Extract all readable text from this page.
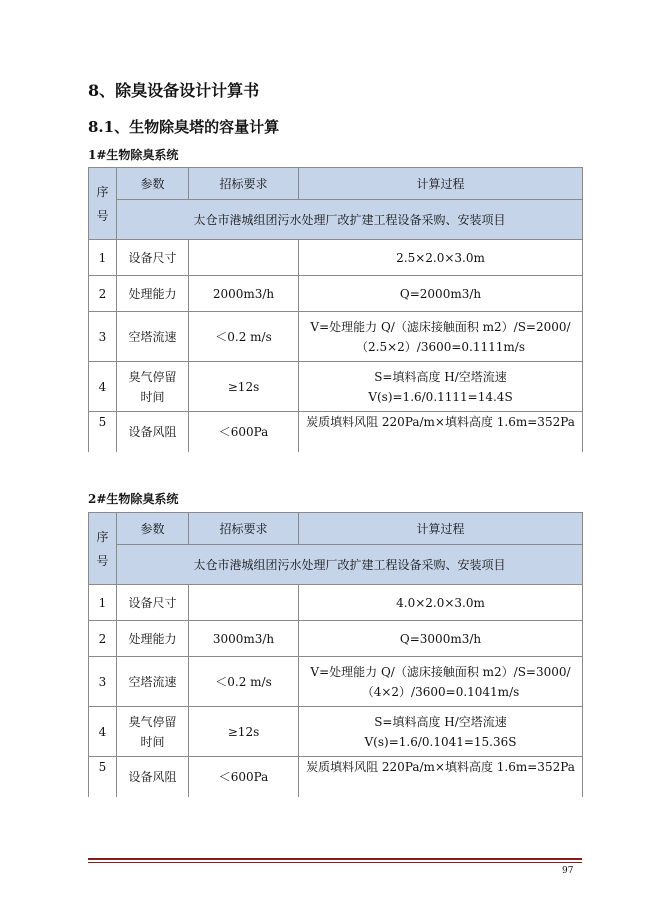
8、除臭设备设计计算书
8.1、生物除臭塔的容量计算
1#生物除臭系统
序号	参数	招标要求	计算过程
	太仓市港城组团污水处理厂改扩建工程设备采购、安装项目		
1	设备尺寸		2.5×2.0×3.0m
2	处理能力	2000m3/h	Q=2000m3/h
3	空塔流速	＜0.2 m/s	V=处理能力 Q/（滤床接触面积 m2）/S=2000/
（2.5×2）/3600=0.1111m/s

4	臭气停留
时间	≥12s	S=填料高度 H/空塔流速 V(s)=1.6/0.1111=14.4S
5	设备风阻	＜600Pa	炭质填料风阻 220Pa/m×填料高度 1.6m=352Pa
2#生物除臭系统
序号	参数	招标要求	计算过程
	太仓市港城组团污水处理厂改扩建工程设备采购、安装项目		
1	设备尺寸		4.0×2.0×3.0m
2	处理能力	3000m3/h	Q=3000m3/h
3	空塔流速	＜0.2 m/s	V=处理能力 Q/（滤床接触面积 m2）/S=3000/
（4×2）/3600=0.1041m/s

4	臭气停留
时间	≥12s	S=填料高度 H/空塔流速 V(s)=1.6/0.1041=15.36S
5	设备风阻	＜600Pa	炭质填料风阻 220Pa/m×填料高度 1.6m=352Pa
97
